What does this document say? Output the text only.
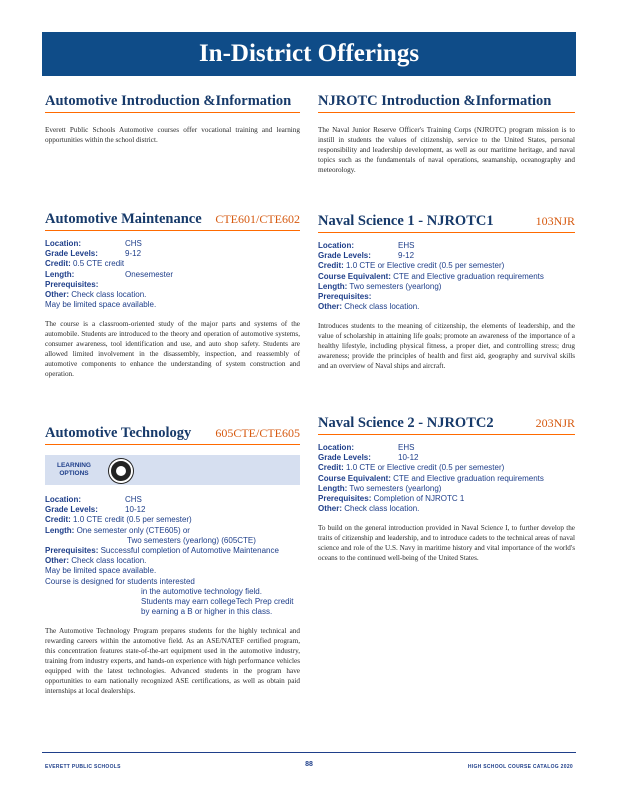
In-District Offerings
Automotive Introduction &Information
Everett Public Schools Automotive courses offer vocational training and learning opportunities within the school district.
Automotive Maintenance CTE601/CTE602
Location:	CHS
Grade Levels:	9-12
Credit: 0.5 CTE credit
Length:	Onesemester
Prerequisites:
Other: Check class location.
May be limited space available.
The course is a classroom-oriented study of the major parts and systems of the automobile. Students are introduced to the theory and operation of automotive systems, consumer awareness, tool identification and use, and auto shop safety. Students are allowed limited involvement in the disassembly, inspection, and reassembly of automotive components to enhance the understanding of system construction and operation.
Automotive Technology 605CTE/CTE605
LEARNING
OPTIONS
Location:	CHS
Grade Levels:	10-12
Credit: 1.0 CTE credit (0.5 per semester)
Length: One semester only (CTE605) or
Two semesters (yearlong) (605CTE)
Prerequisites: Successful completion of Automotive Maintenance
Other: Check class location.
May be limited space available.
Course is designed for students interested
in the automotive technology field.
Students may earn collegeTech Prep credit
by earning a B or higher in this class.
The Automotive Technology Program prepares students for the highly technical and rewarding careers within the automotive field. As an ASE/NATEF certified program, this concentration features state-of-the-art equipment used in the automotive industry, training from industry experts, and hands-on experience with high performance vehicles equipped with the latest technologies. Advanced students in the program have opportunities to earn nationally recognized ASE certifications, as well as obtain paid internships at local dealerships.
NJROTC Introduction &Information
The Naval Junior Reserve Officer's Training Corps (NJROTC) program mission is to instill in students the values of citizenship, service to the United States, personal responsibility and leadership development, as well as our maritime heritage, and naval topics such as the fundamentals of naval operations, seamanship, oceanography and meteorology.
Naval Science 1 - NJROTC1	103NJR
Location:	EHS
Grade Levels:	9-12
Credit: 1.0 CTE or Elective credit (0.5 per semester)
Course Equivalent: CTE and Elective graduation requirements
Length: Two semesters (yearlong)
Prerequisites:
Other: Check class location.
Introduces students to the meaning of citizenship, the elements of leadership, and the value of scholarship in attaining life goals; promote an awareness of the importance of a healthy lifestyle, including physical fitness, a proper diet, and controlling stress; drug awareness; provide the principles of health and first aid, geography and survival skills and an overview of Naval ships and aircraft.
Naval Science 2 - NJROTC2	203NJR
Location:	EHS
Grade Levels:	10-12
Credit: 1.0 CTE or Elective credit (0.5 per semester)
Course Equivalent: CTE and Elective graduation requirements
Length: Two semesters (yearlong)
Prerequisites: Completion of NJROTC 1
Other: Check class location.
To build on the general introduction provided in Naval Science I, to further develop the traits of citizenship and leadership, and to introduce cadets to the technical areas of naval science and role of the U.S. Navy in maritime history and vital importance of the world's oceans to the continued well-being of the United States.
EVERETT PUBLIC SCHOOLS	88	HIGH SCHOOL COURSE CATALOG 2020
